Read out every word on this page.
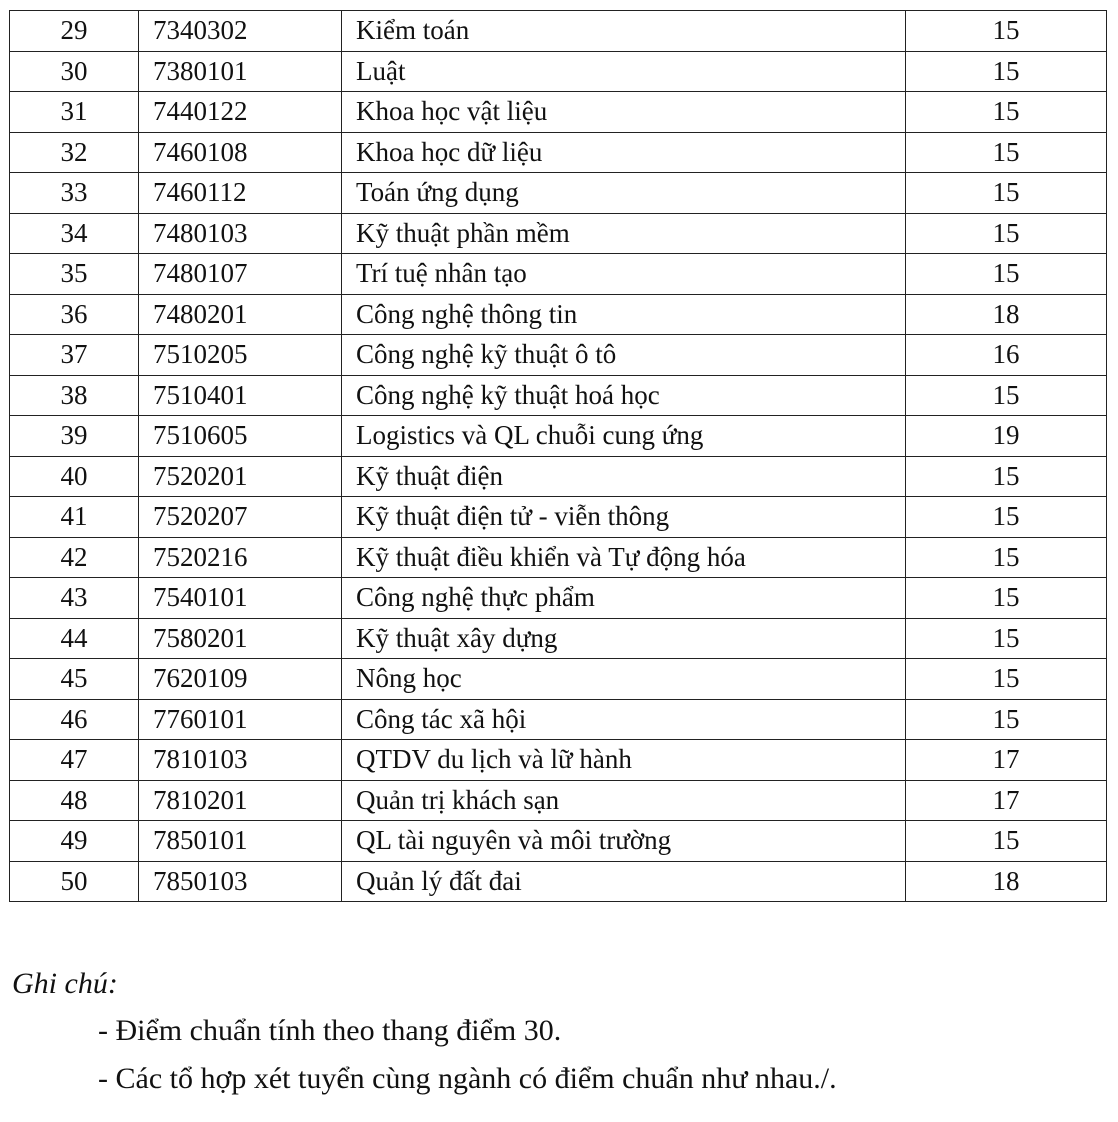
29	7340302	Kiểm toán	15
30	7380101	Luật	15
31	7440122	Khoa học vật liệu	15
32	7460108	Khoa học dữ liệu	15
33	7460112	Toán ứng dụng	15
34	7480103	Kỹ thuật phần mềm	15
35	7480107	Trí tuệ nhân tạo	15
36	7480201	Công nghệ thông tin	18
37	7510205	Công nghệ kỹ thuật ô tô	16
38	7510401	Công nghệ kỹ thuật hoá học	15
39	7510605	Logistics và QL chuỗi cung ứng	19
40	7520201	Kỹ thuật điện	15
41	7520207	Kỹ thuật điện tử - viễn thông	15
42	7520216	Kỹ thuật điều khiển và Tự động hóa	15
43	7540101	Công nghệ thực phẩm	15
44	7580201	Kỹ thuật xây dựng	15
45	7620109	Nông học	15
46	7760101	Công tác xã hội	15
47	7810103	QTDV du lịch và lữ hành	17
48	7810201	Quản trị khách sạn	17
49	7850101	QL tài nguyên và môi trường	15
50	7850103	Quản lý đất đai	18
Ghi chú:
- Điểm chuẩn tính theo thang điểm 30.
- Các tổ hợp xét tuyển cùng ngành có điểm chuẩn như nhau./.
